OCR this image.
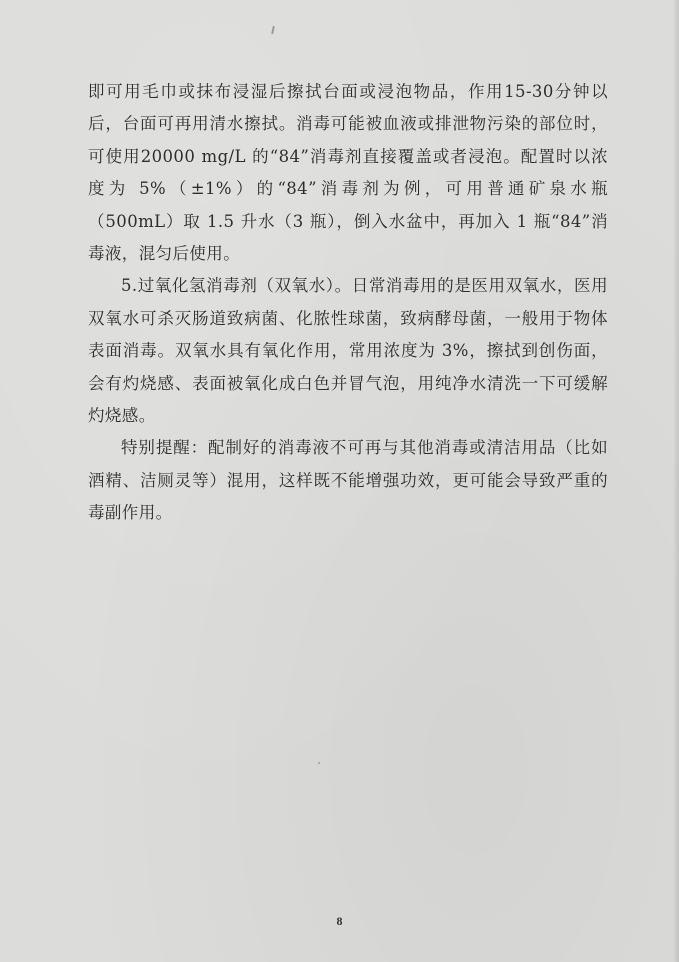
即可用毛巾或抹布浸湿后擦拭台面或浸泡物品，作用15-30分钟以后，台面可再用清水擦拭。消毒可能被血液或排泄物污染的部位时，可使用20000 mg/L 的“84”消毒剂直接覆盖或者浸泡。配置时以浓度为 5%（±1%）的“84”消毒剂为例，可用普通矿泉水瓶（500mL）取 1.5 升水（3 瓶），倒入水盆中，再加入 1 瓶“84”消毒液，混匀后使用。

5.过氧化氢消毒剂（双氧水）。日常消毒用的是医用双氧水，医用双氧水可杀灭肠道致病菌、化脓性球菌，致病酵母菌，一般用于物体表面消毒。双氧水具有氧化作用，常用浓度为 3%，擦拭到创伤面，会有灼烧感、表面被氧化成白色并冒气泡，用纯净水清洗一下可缓解灼烧感。

特别提醒：配制好的消毒液不可再与其他消毒或清洁用品（比如酒精、洁厕灵等）混用，这样既不能增强功效，更可能会导致严重的毒副作用。

8
